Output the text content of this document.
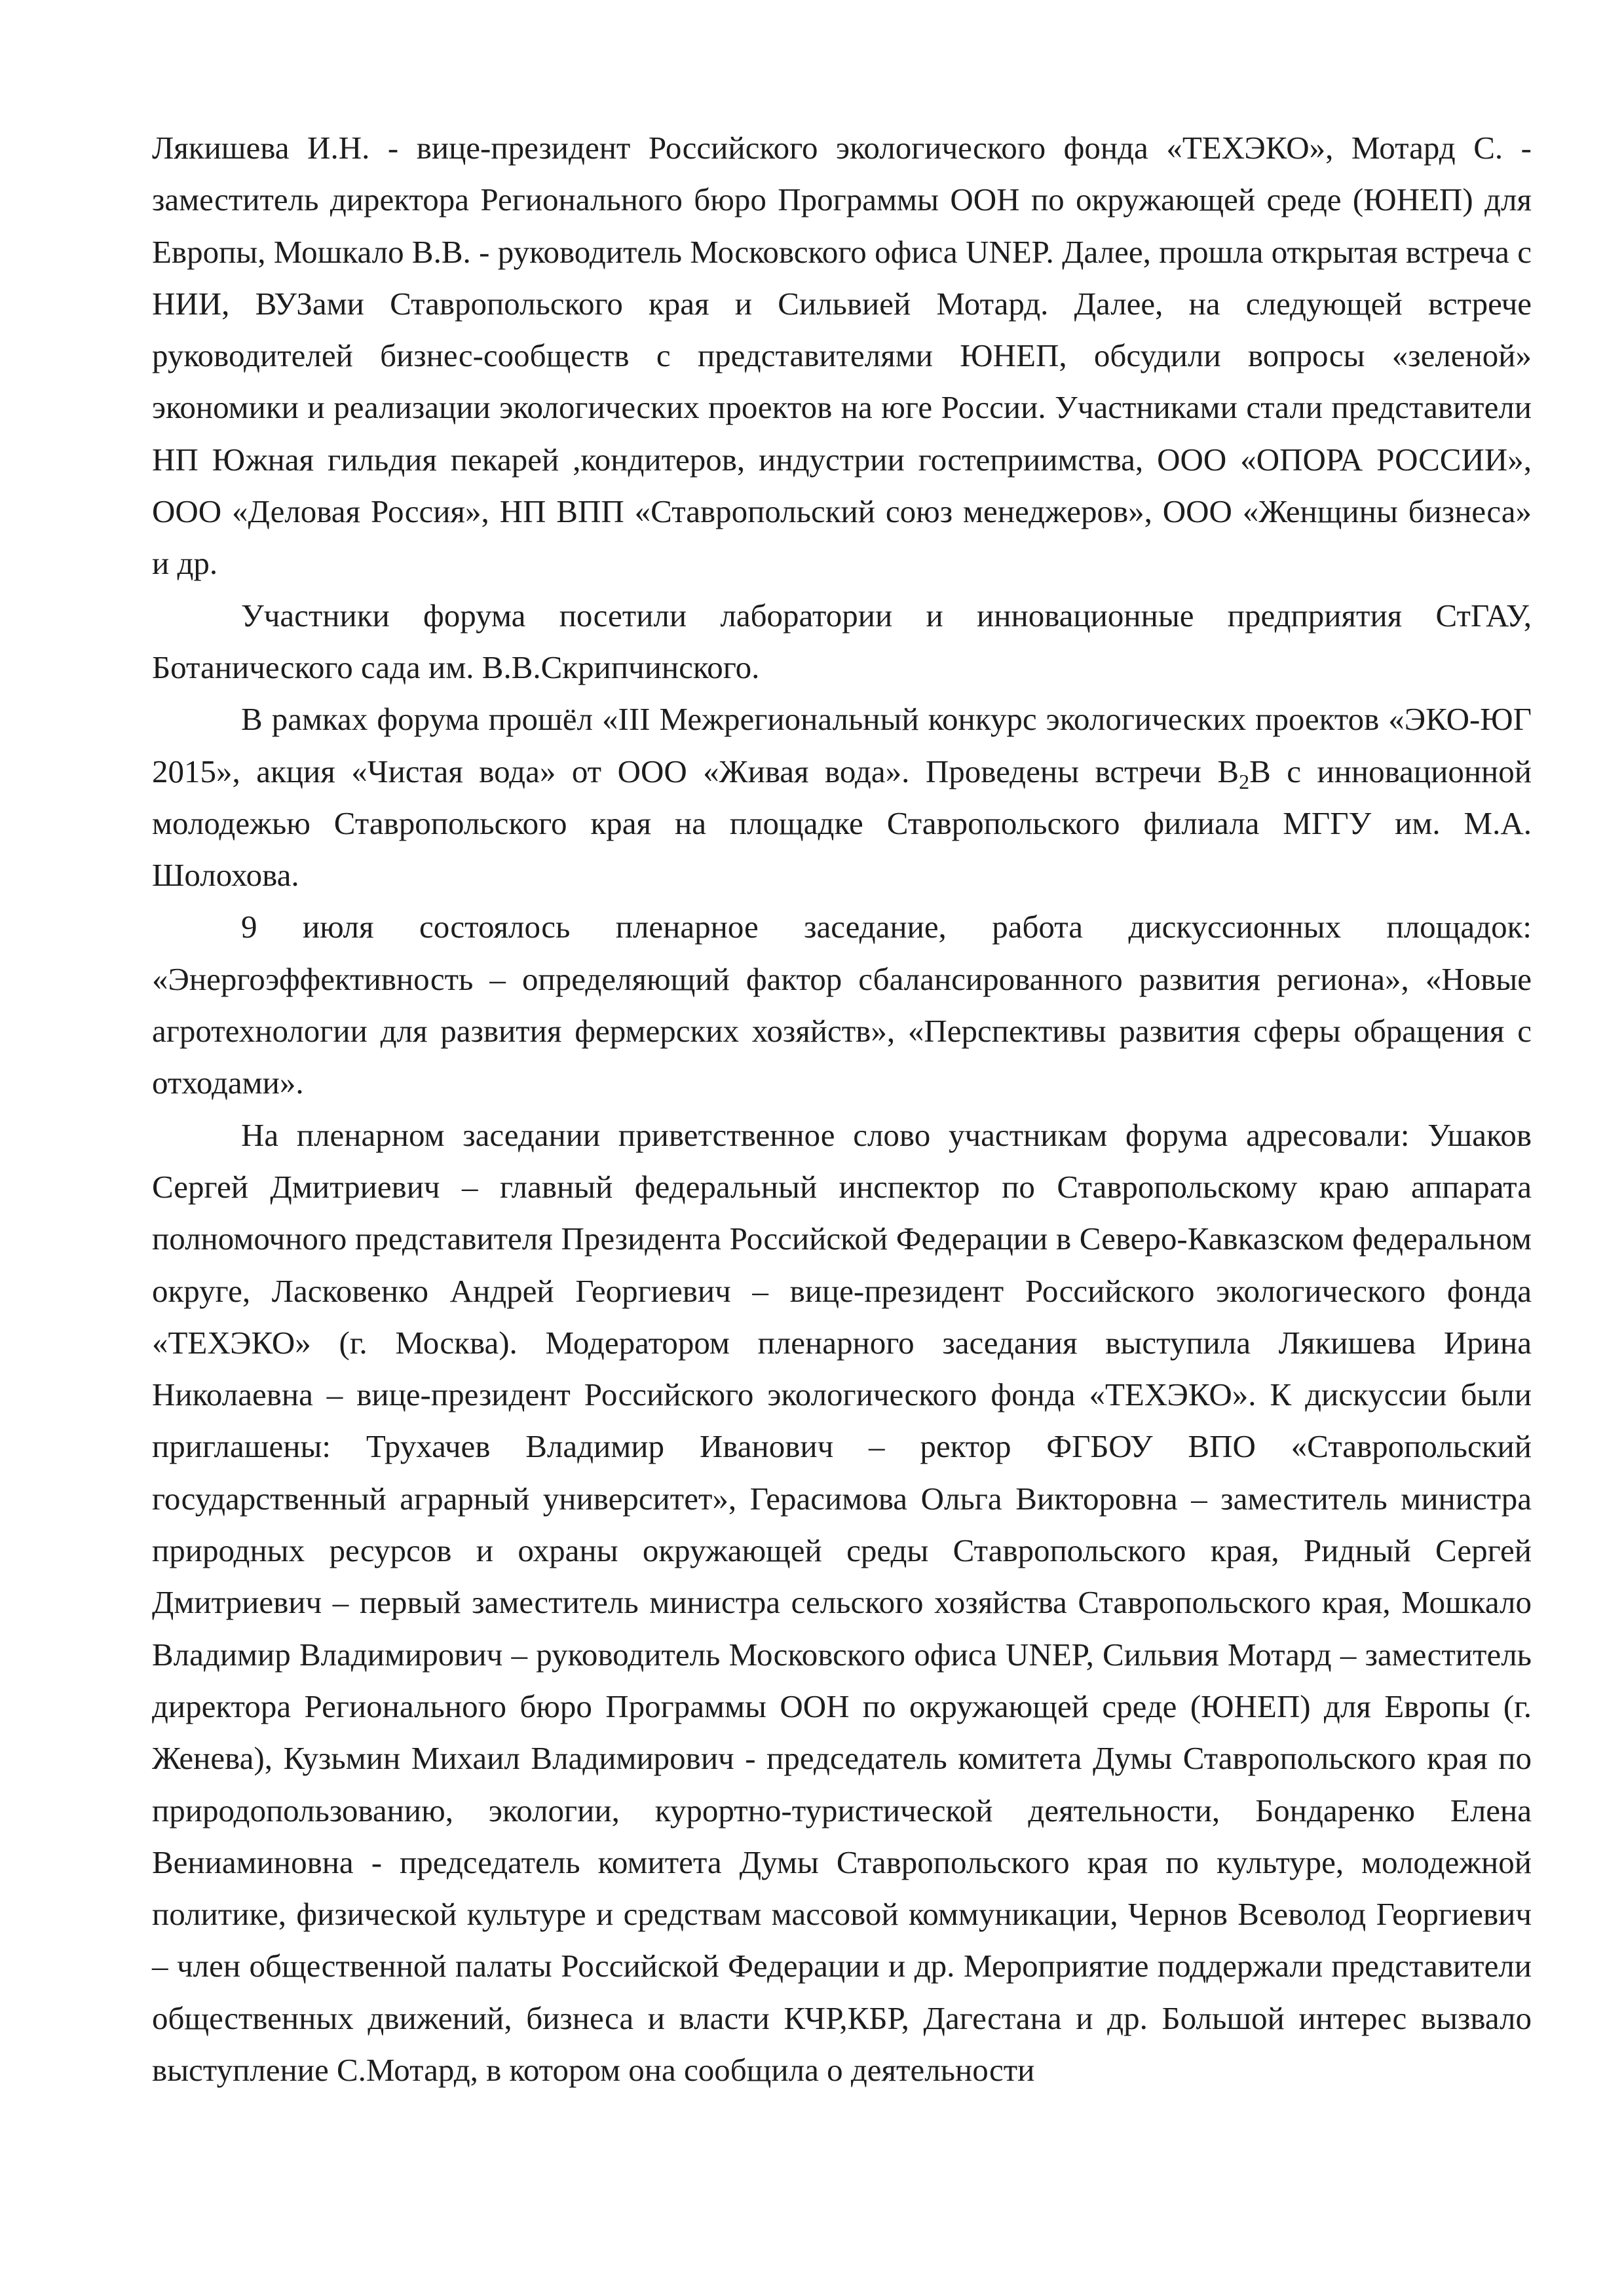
Лякишева И.Н. - вице-президент Российского экологического фонда «ТЕХЭКО», Мотард С. - заместитель директора Регионального бюро Программы ООН по окружающей среде (ЮНЕП) для Европы, Мошкало В.В. - руководитель Московского офиса UNEP. Далее, прошла открытая встреча с НИИ, ВУЗами Ставропольского края и Сильвией Мотард. Далее, на следующей встрече руководителей бизнес-сообществ с представителями ЮНЕП, обсудили вопросы «зеленой» экономики и реализации экологических проектов на юге России. Участниками стали представители НП Южная гильдия пекарей ,кондитеров, индустрии гостеприимства, ООО «ОПОРА РОССИИ», ООО «Деловая Россия», НП ВПП «Ставропольский союз менеджеров», ООО «Женщины бизнеса» и др.

Участники форума посетили лаборатории и инновационные предприятия СтГАУ, Ботанического сада им. В.В.Скрипчинского.

В рамках форума прошёл «III Межрегиональный конкурс экологических проектов «ЭКО-ЮГ 2015», акция «Чистая вода» от ООО «Живая вода». Проведены встречи $В_2В$ с инновационной молодежью Ставропольского края на площадке Ставропольского филиала МГГУ им. М.А. Шолохова.

9 июля состоялось пленарное заседание, работа дискуссионных площадок: «Энергоэффективность – определяющий фактор сбалансированного развития региона», «Новые агротехнологии для развития фермерских хозяйств», «Перспективы развития сферы обращения с отходами».

На пленарном заседании приветственное слово участникам форума адресовали: Ушаков Сергей Дмитриевич – главный федеральный инспектор по Ставропольскому краю аппарата полномочного представителя Президента Российской Федерации в Северо-Кавказском федеральном округе, Ласковенко Андрей Георгиевич – вице-президент Российского экологического фонда «ТЕХЭКО» (г. Москва). Модератором пленарного заседания выступила Лякишева Ирина Николаевна – вице-президент Российского экологического фонда «ТЕХЭКО». К дискуссии были приглашены: Трухачев Владимир Иванович – ректор ФГБОУ ВПО «Ставропольский государственный аграрный университет», Герасимова Ольга Викторовна – заместитель министра природных ресурсов и охраны окружающей среды Ставропольского края, Ридный Сергей Дмитриевич – первый заместитель министра сельского хозяйства Ставропольского края, Мошкало Владимир Владимирович – руководитель Московского офиса UNEP, Сильвия Мотард – заместитель директора Регионального бюро Программы ООН по окружающей среде (ЮНЕП) для Европы (г. Женева), Кузьмин Михаил Владимирович - председатель комитета Думы Ставропольского края по природопользованию, экологии, курортно-туристической деятельности, Бондаренко Елена Вениаминовна - председатель комитета Думы Ставропольского края по культуре, молодежной политике, физической культуре и средствам массовой коммуникации, Чернов Всеволод Георгиевич – член общественной палаты Российской Федерации и др. Мероприятие поддержали представители общественных движений, бизнеса и власти КЧР,КБР, Дагестана и др. Большой интерес вызвало выступление С.Мотард, в котором она сообщила о деятельности
